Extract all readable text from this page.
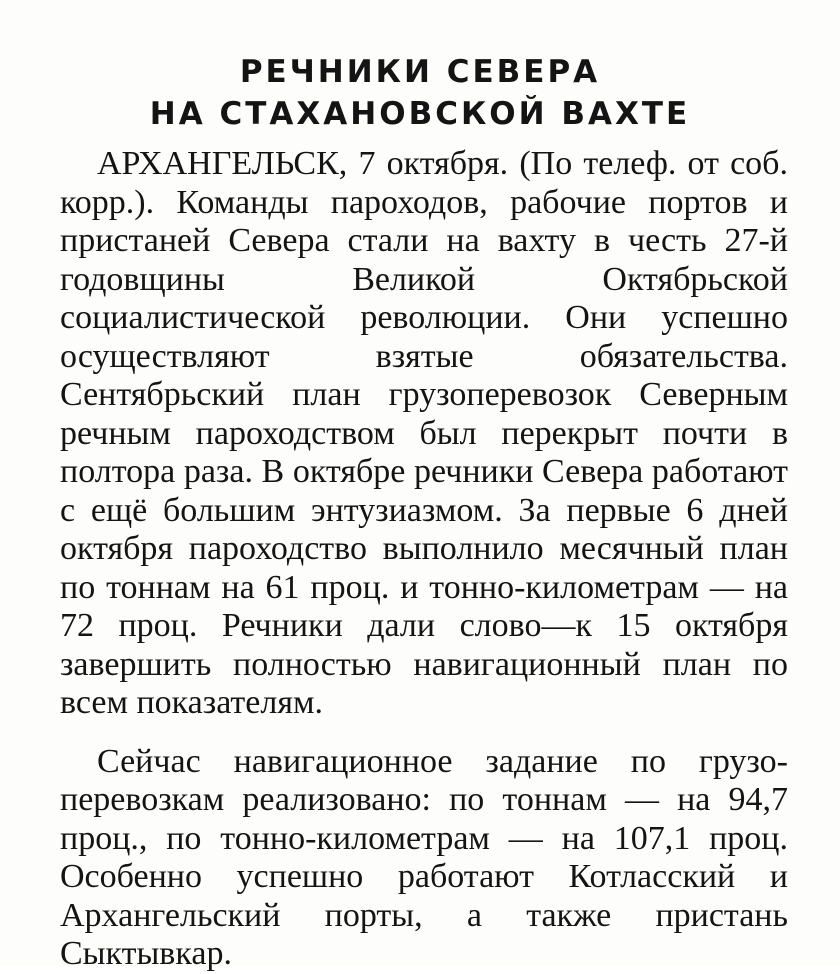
РЕЧНИКИ СЕВЕРА
НА СТАХАНОВСКОЙ ВАХТЕ

АРХАНГЕЛЬСК, 7 октября. (По телеф. от соб. корр.). Команды пароходов, рабочие портов и пристаней Севера стали на вахту в честь 27-й годовщины Великой Октябрьской социалистической революции. Они успешно осуществляют взятые обязательства. Сентябрьский план грузоперевозок Северным речным пароходством был перекрыт почти в полтора раза. В октябре речники Севера работают с ещё большим энтузиазмом. За первые 6 дней октября пароходство выполнило месячный план по тоннам на 61 проц. и тонно-километрам — на 72 проц. Речники дали слово—к 15 октября завершить полностью навигационный план по всем показателям.

Сейчас навигационное задание по грузоперевозкам реализовано: по тоннам — на 94,7 проц., по тонно-километрам — на 107,1 проц. Особенно успешно работают Котласский и Архангельский порты, а также пристань Сыктывкар.
